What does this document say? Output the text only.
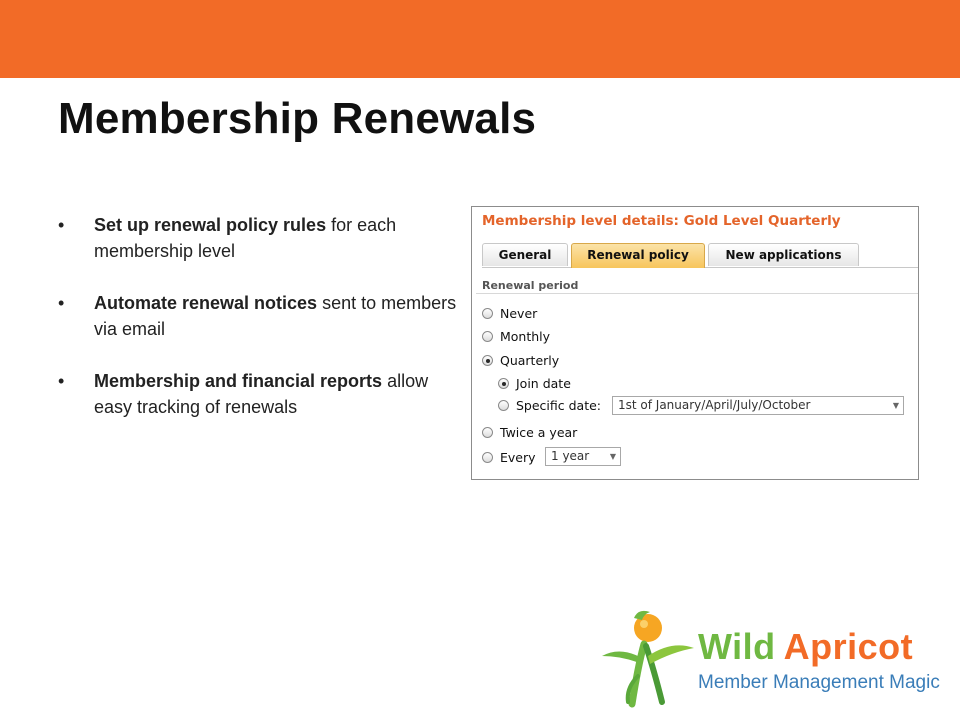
Membership Renewals
• Set up renewal policy rules for each membership level
• Automate renewal notices sent to members via email
• Membership and financial reports allow easy tracking of renewals
Membership level details: Gold Level Quarterly
General	Renewal policy	New applications
Renewal period
Never
Monthly
Quarterly
Join date
Specific date:	1st of January/April/July/October	▼
Twice a year
Every	1 year	▼
Wild Apricot
Member Management Magic
